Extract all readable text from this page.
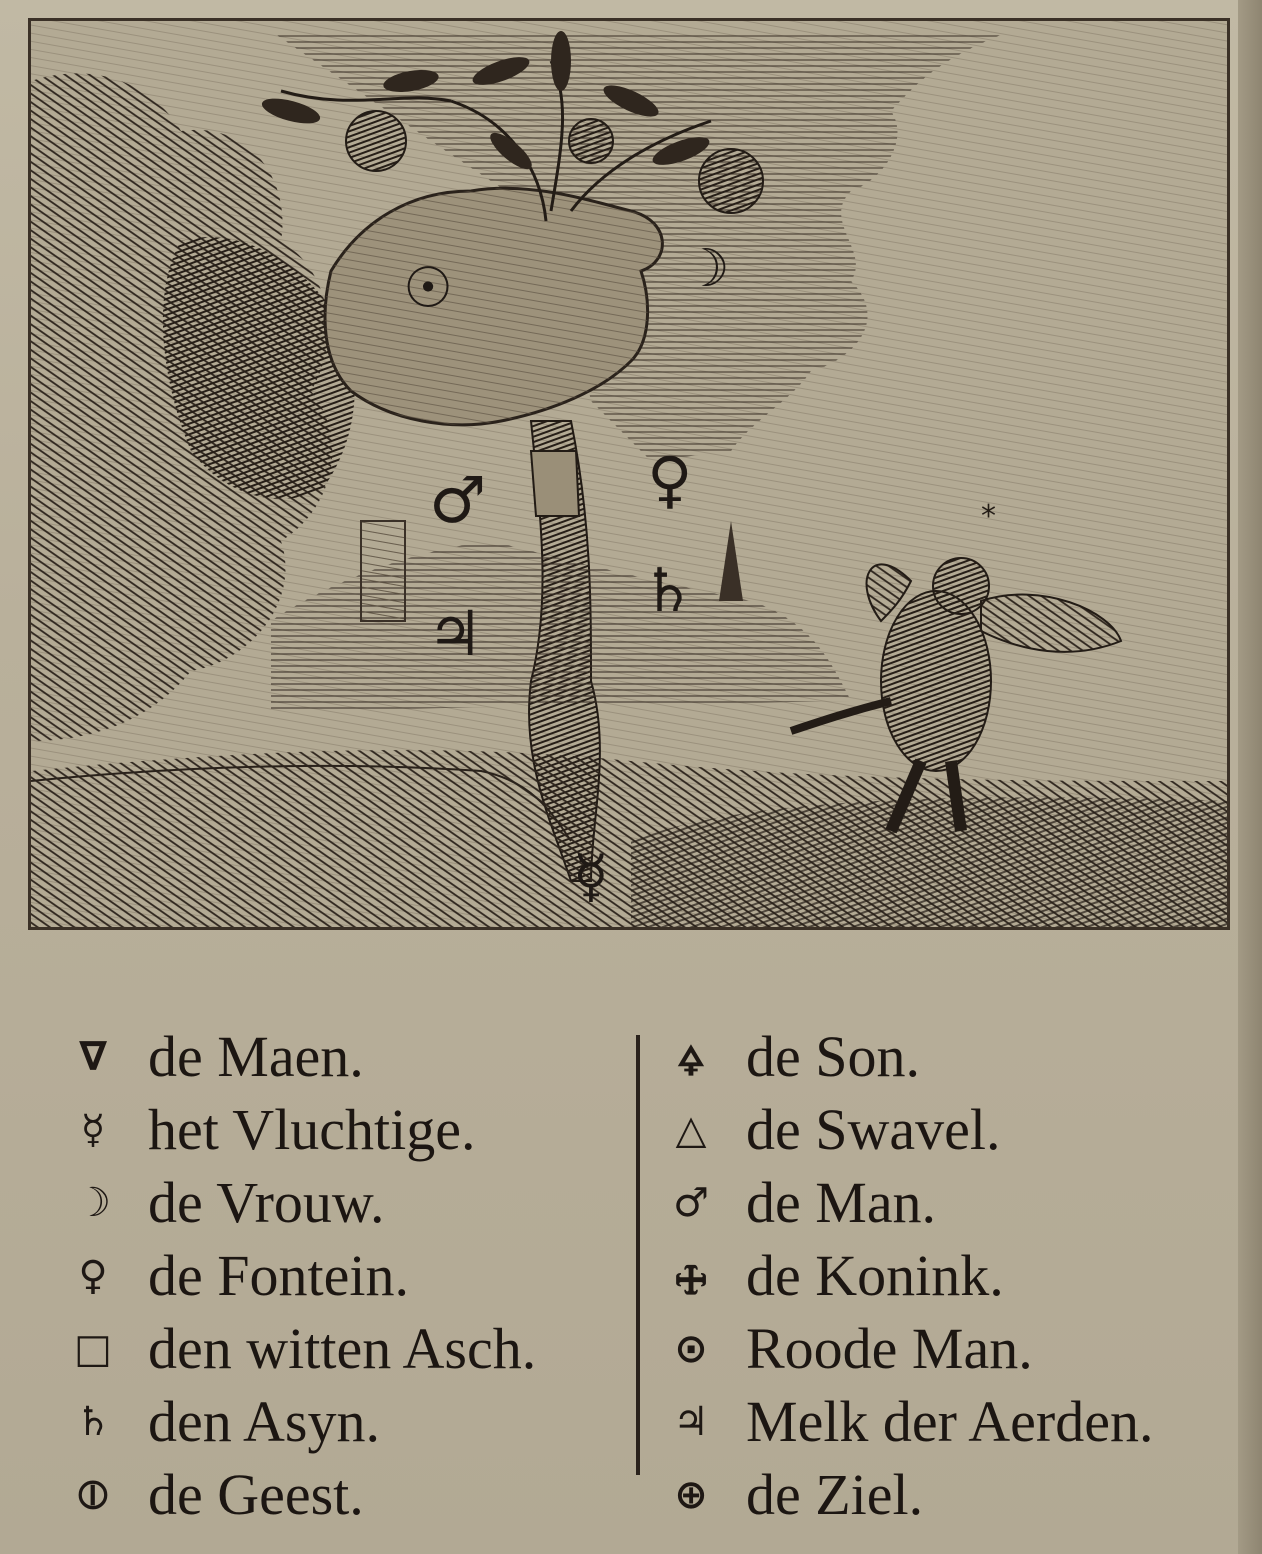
*
☉	☽
♂	♀
♄
♃
☿
∇ de Maen.
☿ het Vluchtige.
☽ de Vrouw.
♀ de Fontein.
□ den witten Asch.
♄ den Asyn.
⦶ de Geest.
🜍 de Son.
△ de Swavel.
♂ de Man.
🜊 de Konink.
⊙ Roode Man.
♃ Melk der Aerden.
⊕ de Ziel.
